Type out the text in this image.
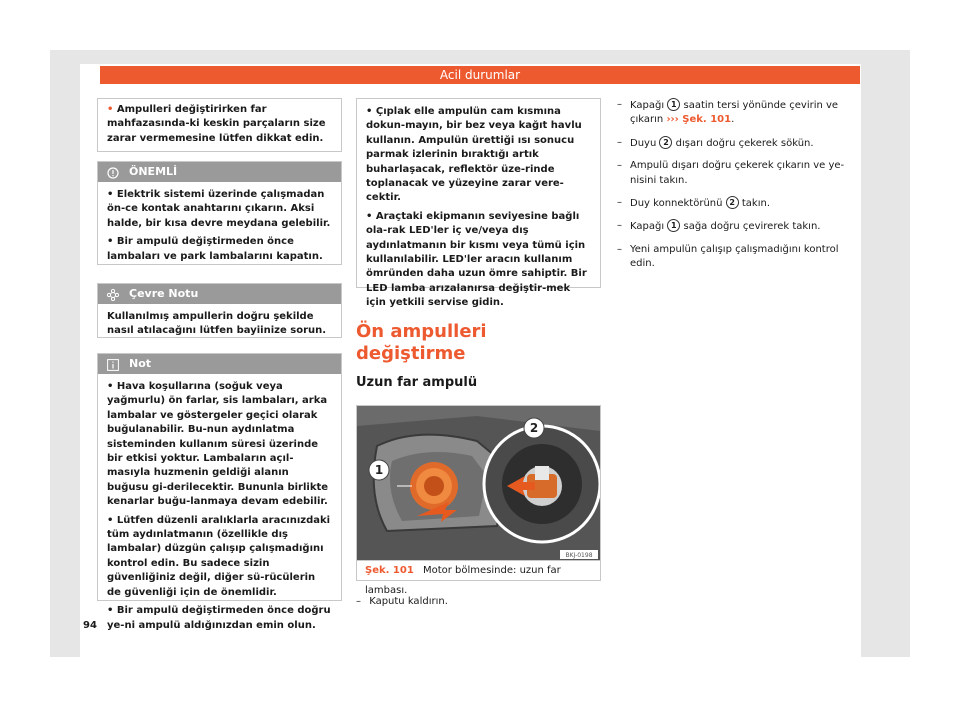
Acil durumlar
• Ampulleri değiştirirken far mahfazasında-ki keskin parçaların size zarar vermemesine lütfen dikkat edin.
ÖNEMLİ

• Elektrik sistemi üzerinde çalışmadan ön-ce kontak anahtarını çıkarın. Aksi halde, bir kısa devre meydana gelebilir.

• Bir ampulü değiştirmeden önce lambaları ve park lambalarını kapatın.

Çevre Notu
Kullanılmış ampullerin doğru şekilde nasıl atılacağını lütfen bayiinize sorun.
Not

• Hava koşullarına (soğuk veya yağmurlu) ön farlar, sis lambaları, arka lambalar ve göstergeler geçici olarak buğulanabilir. Bu-nun aydınlatma sisteminden kullanım süresi üzerinde bir etkisi yoktur. Lambaların açıl-masıyla huzmenin geldiği alanın buğusu gi-derilecektir. Bununla birlikte kenarlar buğu-lanmaya devam edebilir.

• Lütfen düzenli aralıklarla aracınızdaki tüm aydınlatmanın (özellikle dış lambalar) düzgün çalışıp çalışmadığını kontrol edin. Bu sadece sizin güvenliğiniz değil, diğer sü-rücülerin de güvenliği için de önemlidir.

• Bir ampulü değiştirmeden önce doğru ye-ni ampulü aldığınızdan emin olun.

• Çıplak elle ampulün cam kısmına dokun-mayın, bir bez veya kağıt havlu kullanın. Ampulün ürettiği ısı sonucu parmak izlerinin bıraktığı artık buharlaşacak, reflektör üze-rinde toplanacak ve yüzeyine zarar vere-cektir.

• Araçtaki ekipmanın seviyesine bağlı ola-rak LED'ler iç ve/veya dış aydınlatmanın bir kısmı veya tümü için kullanılabilir. LED'ler aracın kullanım ömründen daha uzun ömre sahiptir. Bir LED lamba arızalanırsa değiştir-mek için yetkili servise gidin.

Ön ampulleri değiştirme
Uzun far ampulü
1
2
BKJ-0198
Şek. 101 Motor bölmesinde: uzun far lambası.
– Kaputu kaldırın.
– Kapağı 1 saatin tersi yönünde çevirin ve çıkarın ››› Şek. 101.
– Duyu 2 dışarı doğru çekerek sökün.
– Ampulü dışarı doğru çekerek çıkarın ve ye-nisini takın.
– Duy konnektörünü 2 takın.
– Kapağı 1 sağa doğru çevirerek takın.
– Yeni ampulün çalışıp çalışmadığını kontrol edin.
94
